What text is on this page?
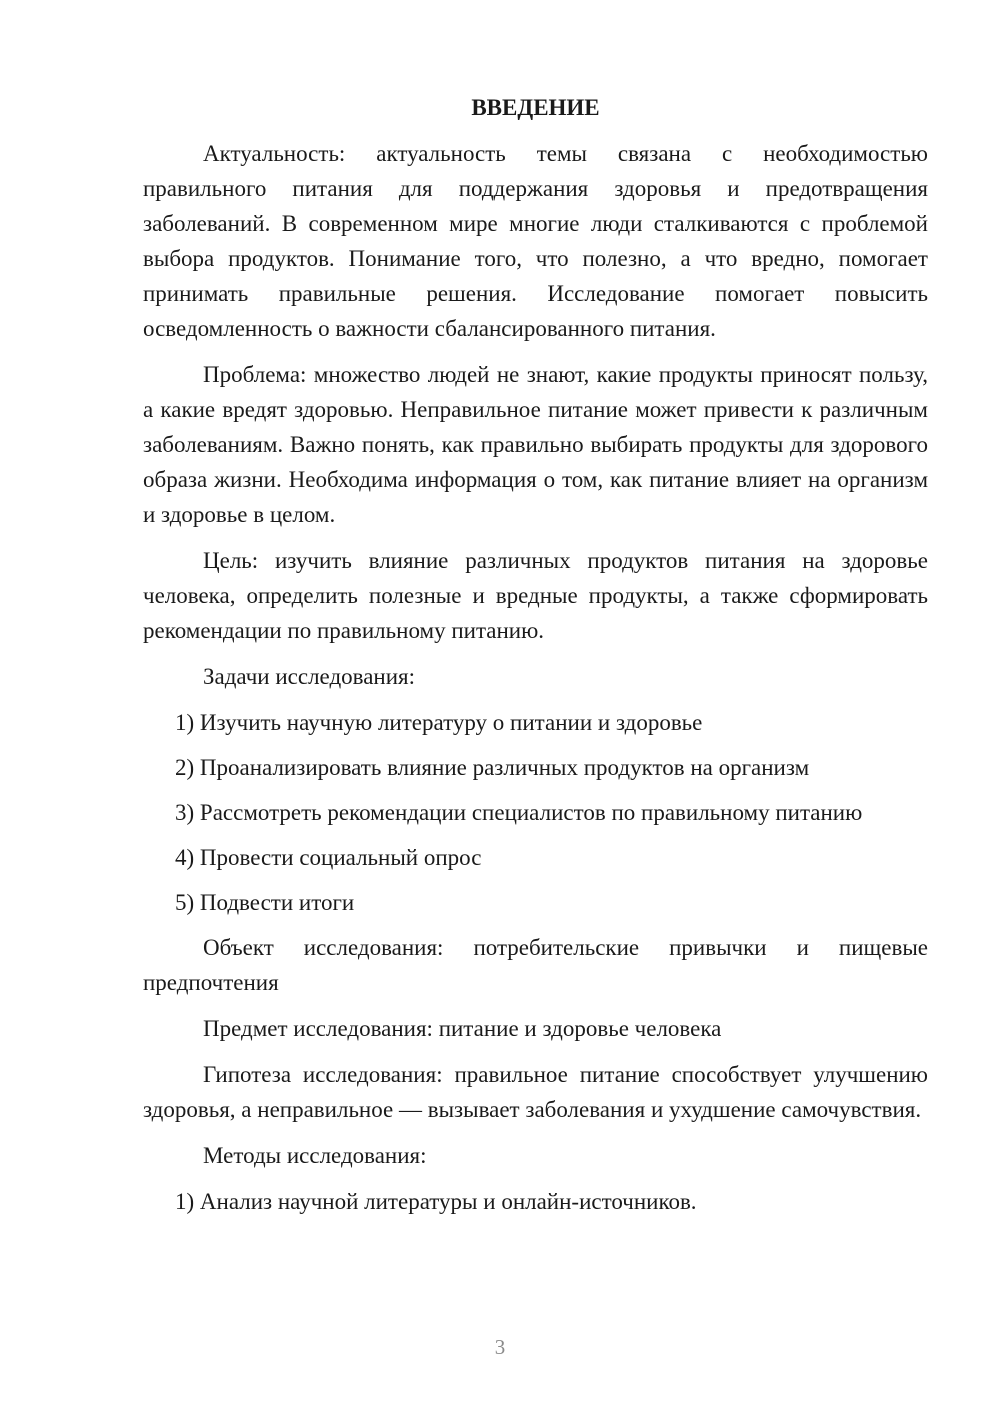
ВВЕДЕНИЕ

Актуальность: актуальность темы связана с необходимостью правильного питания для поддержания здоровья и предотвращения заболеваний. В современном мире многие люди сталкиваются с проблемой выбора продуктов. Понимание того, что полезно, а что вредно, помогает принимать правильные решения. Исследование помогает повысить осведомленность о важности сбалансированного питания.

Проблема: множество людей не знают, какие продукты приносят пользу, а какие вредят здоровью. Неправильное питание может привести к различным заболеваниям. Важно понять, как правильно выбирать продукты для здорового образа жизни. Необходима информация о том, как питание влияет на организм и здоровье в целом.

Цель: изучить влияние различных продуктов питания на здоровье человека, определить полезные и вредные продукты, а также сформировать рекомендации по правильному питанию.

Задачи исследования:

1) Изучить научную литературу о питании и здоровье
2) Проанализировать влияние различных продуктов на организм
3) Рассмотреть рекомендации специалистов по правильному питанию
4) Провести социальный опрос
5) Подвести итоги

Объект исследования: потребительские привычки и пищевые предпочтения

Предмет исследования: питание и здоровье человека

Гипотеза исследования: правильное питание способствует улучшению здоровья, а неправильное — вызывает заболевания и ухудшение самочувствия.

Методы исследования:

1) Анализ научной литературы и онлайн-источников.
3
